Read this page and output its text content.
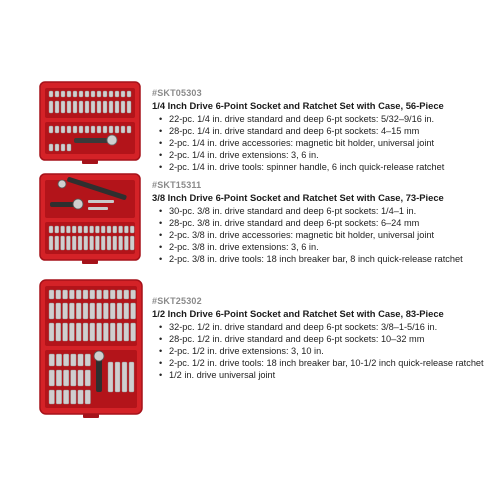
#SKT05303
1/4 Inch Drive 6-Point Socket and Ratchet Set with Case, 56-Piece
• 22-pc. 1/4 in. drive standard and deep 6-pt sockets: 5/32–9/16 in.
• 28-pc. 1/4 in. drive standard and deep 6-pt sockets: 4–15 mm
• 2-pc. 1/4 in. drive accessories: magnetic bit holder, universal joint
• 2-pc. 1/4 in. drive extensions: 3, 6 in.
• 2-pc. 1/4 in. drive tools: spinner handle, 6 inch quick-release ratchet
#SKT15311
3/8 Inch Drive 6-Point Socket and Ratchet Set with Case, 73-Piece
• 30-pc. 3/8 in. drive standard and deep 6-pt sockets: 1/4–1 in.
• 28-pc. 3/8 in. drive standard and deep 6-pt sockets: 6–24 mm
• 2-pc. 3/8 in. drive accessories: magnetic bit holder, universal joint
• 2-pc. 3/8 in. drive extensions: 3, 6 in.
• 2-pc. 3/8 in. drive tools: 18 inch breaker bar, 8 inch quick-release ratchet
#SKT25302
1/2 Inch Drive 6-Point Socket and Ratchet Set with Case, 83-Piece
• 32-pc. 1/2 in. drive standard and deep 6-pt sockets: 3/8–1-5/16 in.
• 28-pc. 1/2 in. drive standard and deep 6-pt sockets: 10–32 mm
• 2-pc. 1/2 in. drive extensions: 3, 10 in.
• 2-pc. 1/2 in. drive tools: 18 inch breaker bar, 10-1/2 inch quick-release ratchet
• 1/2 in. drive universal joint
